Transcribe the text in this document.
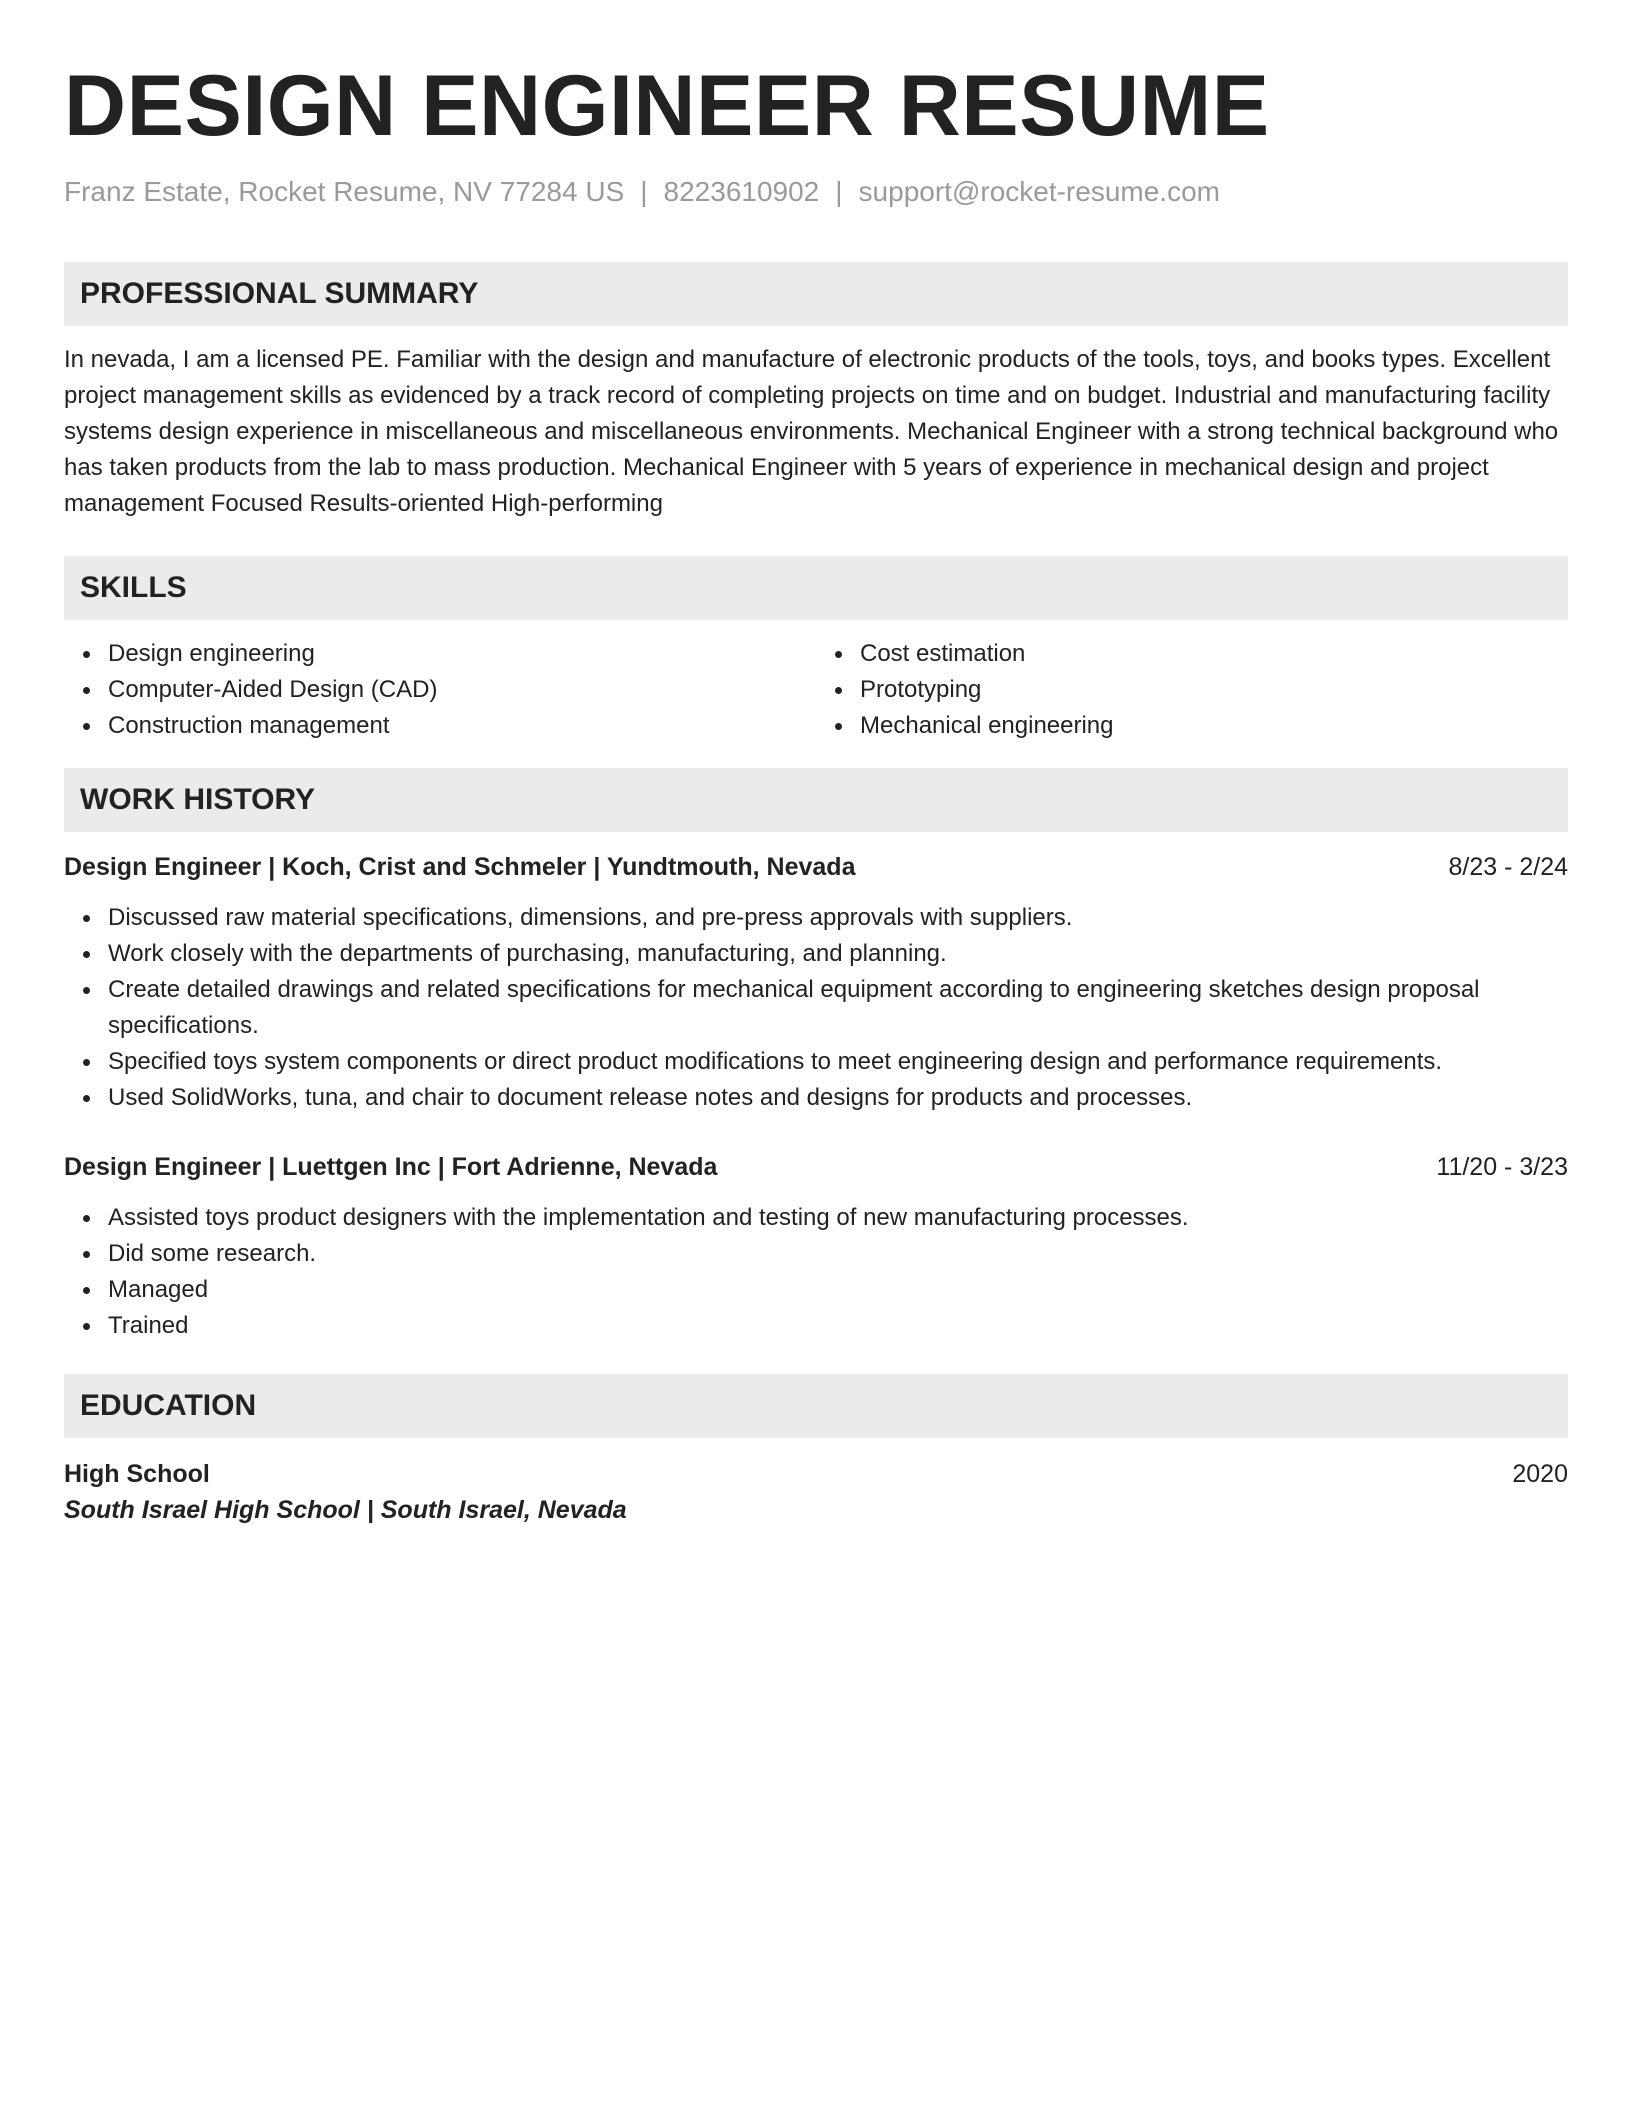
DESIGN ENGINEER RESUME
Franz Estate, Rocket Resume, NV 77284 US | 8223610902 | support@rocket-resume.com
PROFESSIONAL SUMMARY
In nevada, I am a licensed PE. Familiar with the design and manufacture of electronic products of the tools, toys, and books types. Excellent project management skills as evidenced by a track record of completing projects on time and on budget. Industrial and manufacturing facility systems design experience in miscellaneous and miscellaneous environments. Mechanical Engineer with a strong technical background who has taken products from the lab to mass production. Mechanical Engineer with 5 years of experience in mechanical design and project management Focused Results-oriented High-performing
SKILLS
Design engineering
Computer-Aided Design (CAD)
Construction management
Cost estimation
Prototyping
Mechanical engineering
WORK HISTORY
Design Engineer | Koch, Crist and Schmeler | Yundtmouth, Nevada	8/23 - 2/24
Discussed raw material specifications, dimensions, and pre-press approvals with suppliers.
Work closely with the departments of purchasing, manufacturing, and planning.
Create detailed drawings and related specifications for mechanical equipment according to engineering sketches design proposal specifications.
Specified toys system components or direct product modifications to meet engineering design and performance requirements.
Used SolidWorks, tuna, and chair to document release notes and designs for products and processes.
Design Engineer | Luettgen Inc | Fort Adrienne, Nevada	11/20 - 3/23
Assisted toys product designers with the implementation and testing of new manufacturing processes.
Did some research.
Managed
Trained
EDUCATION
High School	2020
South Israel High School | South Israel, Nevada
